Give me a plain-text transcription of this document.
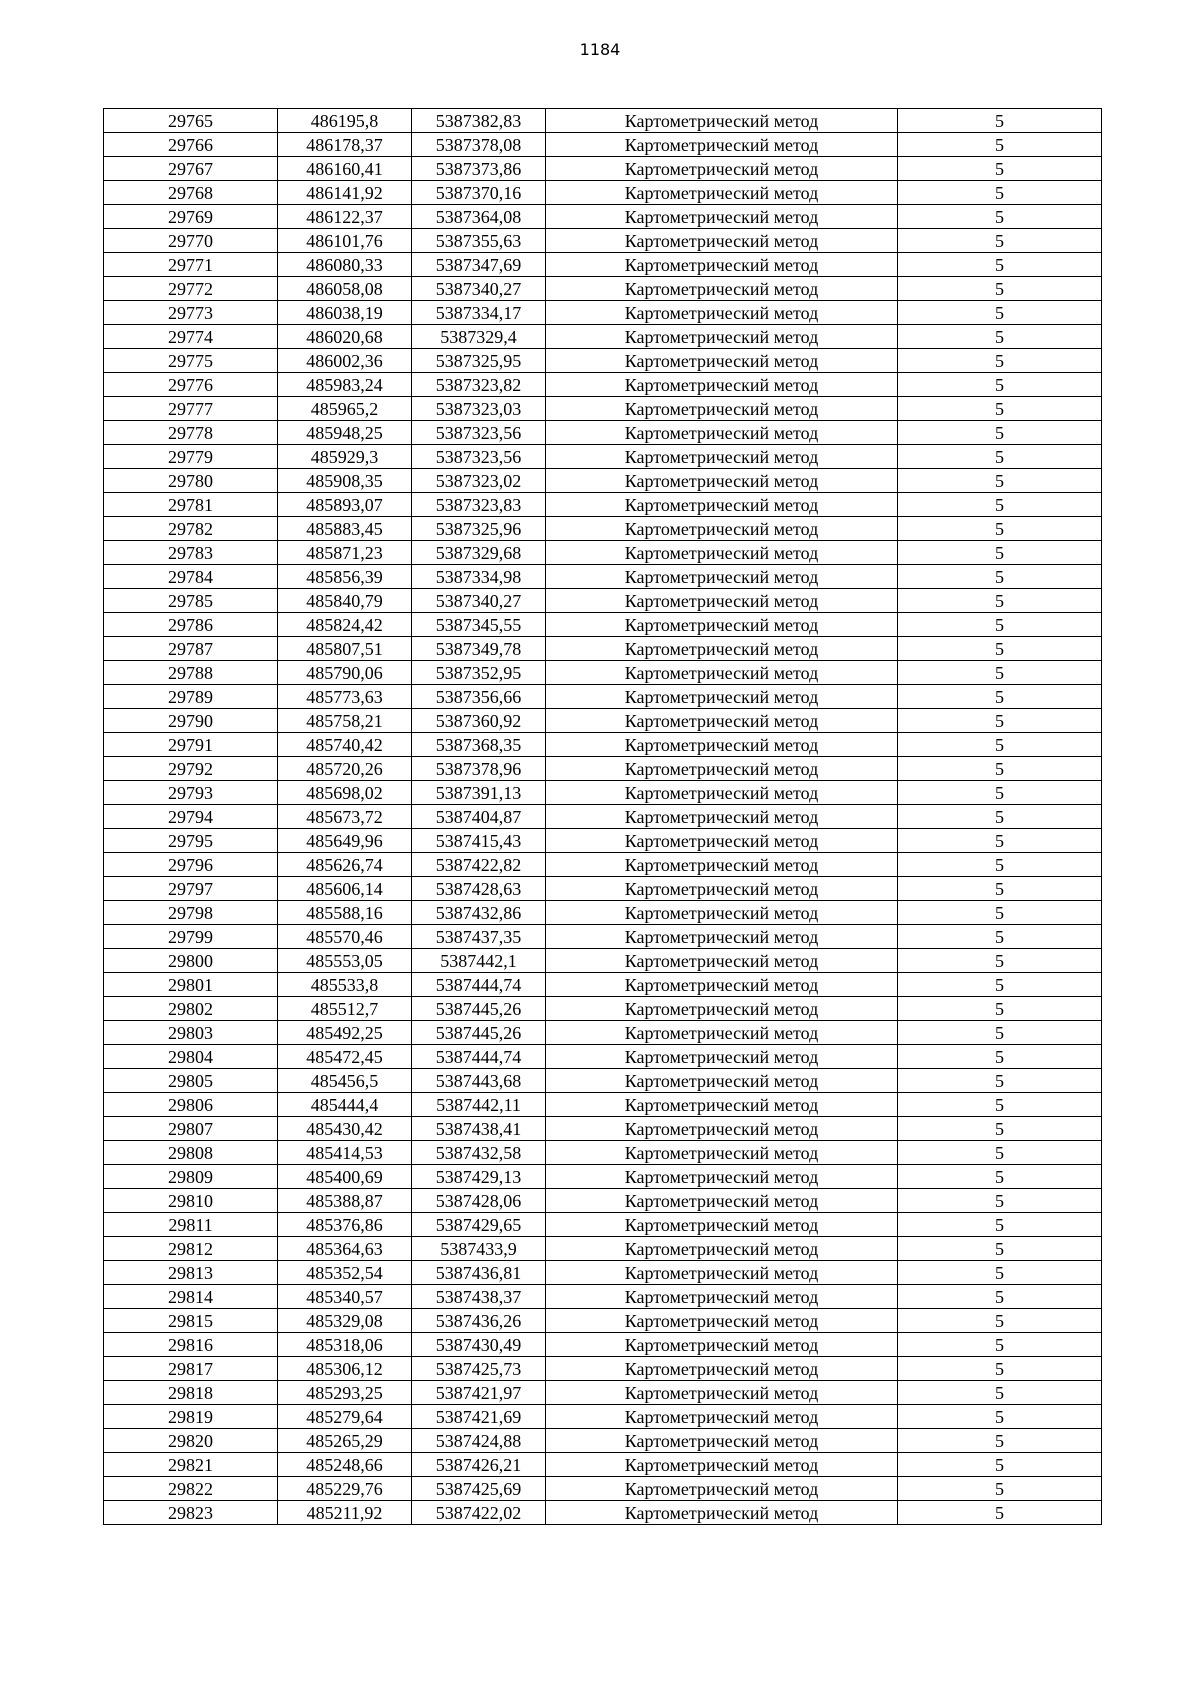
1184
29765	486195,8	5387382,83	Картометрический метод	5
29766	486178,37	5387378,08	Картометрический метод	5
29767	486160,41	5387373,86	Картометрический метод	5
29768	486141,92	5387370,16	Картометрический метод	5
29769	486122,37	5387364,08	Картометрический метод	5
29770	486101,76	5387355,63	Картометрический метод	5
29771	486080,33	5387347,69	Картометрический метод	5
29772	486058,08	5387340,27	Картометрический метод	5
29773	486038,19	5387334,17	Картометрический метод	5
29774	486020,68	5387329,4	Картометрический метод	5
29775	486002,36	5387325,95	Картометрический метод	5
29776	485983,24	5387323,82	Картометрический метод	5
29777	485965,2	5387323,03	Картометрический метод	5
29778	485948,25	5387323,56	Картометрический метод	5
29779	485929,3	5387323,56	Картометрический метод	5
29780	485908,35	5387323,02	Картометрический метод	5
29781	485893,07	5387323,83	Картометрический метод	5
29782	485883,45	5387325,96	Картометрический метод	5
29783	485871,23	5387329,68	Картометрический метод	5
29784	485856,39	5387334,98	Картометрический метод	5
29785	485840,79	5387340,27	Картометрический метод	5
29786	485824,42	5387345,55	Картометрический метод	5
29787	485807,51	5387349,78	Картометрический метод	5
29788	485790,06	5387352,95	Картометрический метод	5
29789	485773,63	5387356,66	Картометрический метод	5
29790	485758,21	5387360,92	Картометрический метод	5
29791	485740,42	5387368,35	Картометрический метод	5
29792	485720,26	5387378,96	Картометрический метод	5
29793	485698,02	5387391,13	Картометрический метод	5
29794	485673,72	5387404,87	Картометрический метод	5
29795	485649,96	5387415,43	Картометрический метод	5
29796	485626,74	5387422,82	Картометрический метод	5
29797	485606,14	5387428,63	Картометрический метод	5
29798	485588,16	5387432,86	Картометрический метод	5
29799	485570,46	5387437,35	Картометрический метод	5
29800	485553,05	5387442,1	Картометрический метод	5
29801	485533,8	5387444,74	Картометрический метод	5
29802	485512,7	5387445,26	Картометрический метод	5
29803	485492,25	5387445,26	Картометрический метод	5
29804	485472,45	5387444,74	Картометрический метод	5
29805	485456,5	5387443,68	Картометрический метод	5
29806	485444,4	5387442,11	Картометрический метод	5
29807	485430,42	5387438,41	Картометрический метод	5
29808	485414,53	5387432,58	Картометрический метод	5
29809	485400,69	5387429,13	Картометрический метод	5
29810	485388,87	5387428,06	Картометрический метод	5
29811	485376,86	5387429,65	Картометрический метод	5
29812	485364,63	5387433,9	Картометрический метод	5
29813	485352,54	5387436,81	Картометрический метод	5
29814	485340,57	5387438,37	Картометрический метод	5
29815	485329,08	5387436,26	Картометрический метод	5
29816	485318,06	5387430,49	Картометрический метод	5
29817	485306,12	5387425,73	Картометрический метод	5
29818	485293,25	5387421,97	Картометрический метод	5
29819	485279,64	5387421,69	Картометрический метод	5
29820	485265,29	5387424,88	Картометрический метод	5
29821	485248,66	5387426,21	Картометрический метод	5
29822	485229,76	5387425,69	Картометрический метод	5
29823	485211,92	5387422,02	Картометрический метод	5
